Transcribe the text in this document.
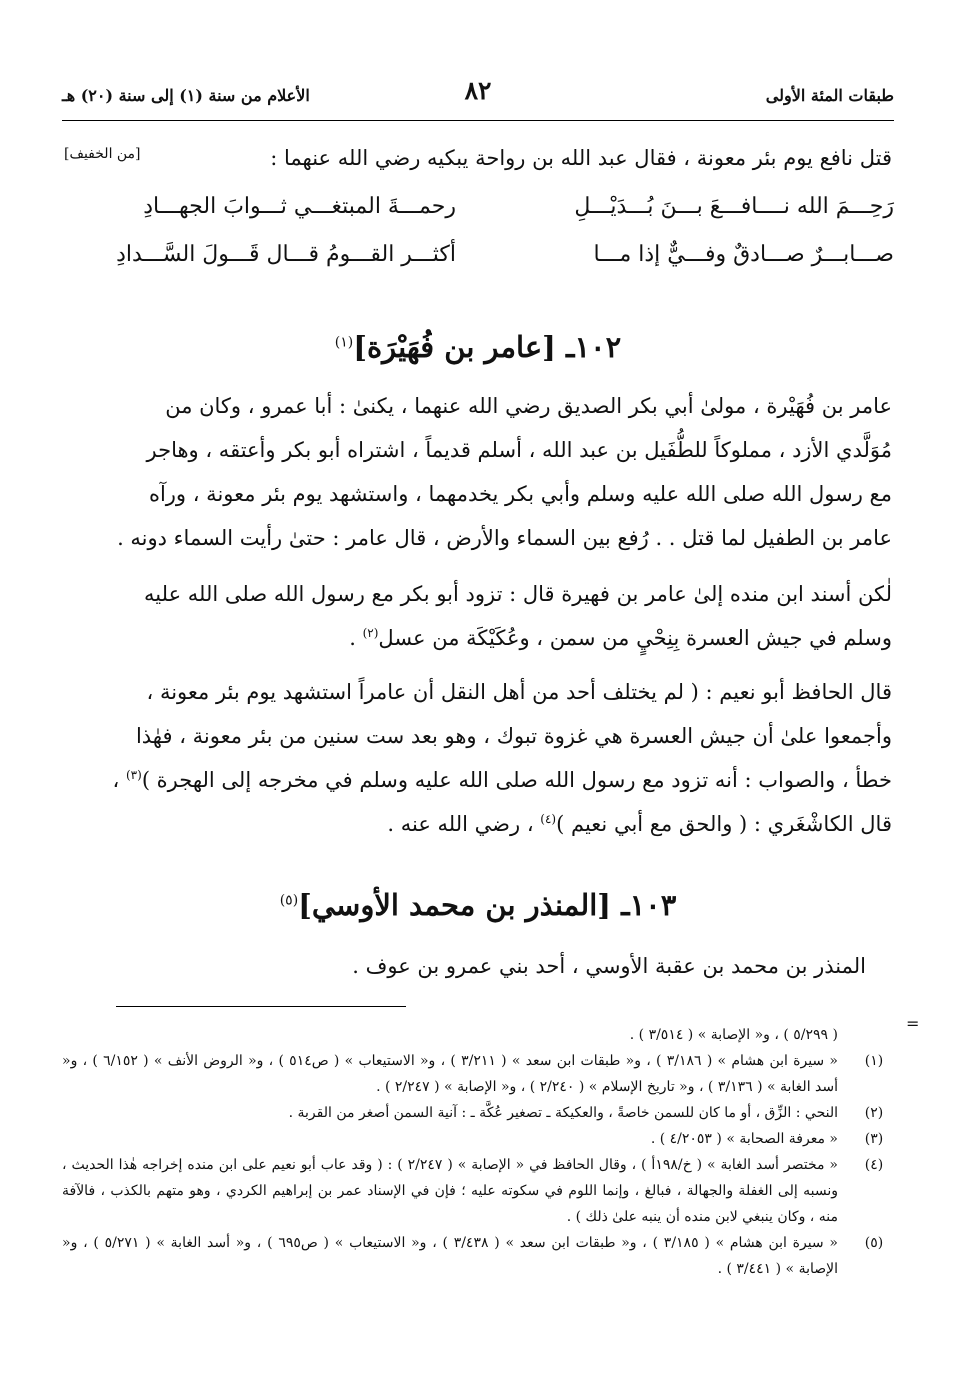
طبقات المئة الأولى
٨٢
الأعلام من سنة (١) إلى سنة (٢٠) هـ
قتل نافع يوم بئر معونة ، فقال عبد الله بن رواحة يبكيه رضي الله عنهما :
[من الخفيف]
رَحِـــمَ الله نــــافـــعَ بـــنَ بُـــدَيْـــلِ
رحمـــةَ المبتغـــي ثـــوابَ الجهـــادِ
صـــابـــرٌ صـــادقٌ وفـــيٌّ إذا مـــا
أكثـــر القـــومُ قـــال قَـــولَ السَّـــدادِ
١٠٢ـ [عامر بن فُهَيْرَة]$^{(١)}$
عامر بن فُهَيْرة ، مولىٰ أبي بكر الصديق رضي الله عنهما ، يكنىٰ : أبا عمرو ، وكان من
مُوَلَّدي الأزد ، مملوكاً للطُّفَيل بن عبد الله ، أسلم قديماً ، اشتراه أبو بكر وأعتقه ، وهاجر
مع رسول الله صلى الله عليه وسلم وأبي بكر يخدمهما ، واستشهد يوم بئر معونة ، ورآه
عامر بن الطفيل لما قتل . . رُفع بين السماء والأرض ، قال عامر : حتىٰ رأيت السماء دونه .
لٰكن أسند ابن منده إلىٰ عامر بن فهيرة قال : تزود أبو بكر مع رسول الله صلى الله عليه
وسلم في جيش العسرة بِنِحْيٍ من سمن ، وعُكَيْكَة من عسل$^{(٢)}$ .
قال الحافظ أبو نعيم : ( لم يختلف أحد من أهل النقل أن عامراً استشهد يوم بئر معونة ،
وأجمعوا علىٰ أن جيش العسرة هي غزوة تبوك ، وهو بعد ست سنين من بئر معونة ، فهٰذا
خطأ ، والصواب : أنه تزود مع رسول الله صلى الله عليه وسلم في مخرجه إلى الهجرة )$^{(٣)}$ ،
قال الكاشْغَري : ( والحق مع أبي نعيم )$^{(٤)}$ ، رضي الله عنه .
١٠٣ـ [المنذر بن محمد الأوسي]$^{(٥)}$
المنذر بن محمد بن عقبة الأوسي ، أحد بني عمرو بن عوف .
=
( ٥/٢٩٩ ) ، و« الإصابة » ( ٣/٥١٤ ) .
(١)
« سيرة ابن هشام » ( ٣/١٨٦ ) ، و« طبقات ابن سعد » ( ٣/٢١١ ) ، و« الاستيعاب » ( ص٥١٤ ) ، و« الروض الأنف » ( ٦/١٥٢ ) ، و« أسد الغابة » ( ٣/١٣٦ ) ، و« تاريخ الإسلام » ( ٢/٢٤٠ ) ، و« الإصابة » ( ٢/٢٤٧ ) .
(٢)
النحي : الزِّق ، أو ما كان للسمن خاصةً ، والعكيكة ـ تصغير عُكَّة ـ : آنية السمن أصغر من القربة .
(٣)
« معرفة الصحابة » ( ٤/٢٠٥٣ ) .
(٤)
« مختصر أسد الغابة » ( خ/١٩٨أ ) ، وقال الحافظ في « الإصابة » ( ٢/٢٤٧ ) : ( وقد عاب أبو نعيم على ابن منده إخراجه هٰذا الحديث ، ونسبه إلى الغفلة والجهالة ، فبالغ ، وإنما اللوم في سكوته عليه ؛ فإن في الإسناد عمر بن إبراهيم الكردي ، وهو متهم بالكذب ، فالآفة منه ، وكان ينبغي لابن منده أن ينبه علىٰ ذلك ) .
(٥)
« سيرة ابن هشام » ( ٣/١٨٥ ) ، و« طبقات ابن سعد » ( ٣/٤٣٨ ) ، و« الاستيعاب » ( ص٦٩٥ ) ، و« أسد الغابة » ( ٥/٢٧١ ) ، و« الإصابة » ( ٣/٤٤١ ) .
